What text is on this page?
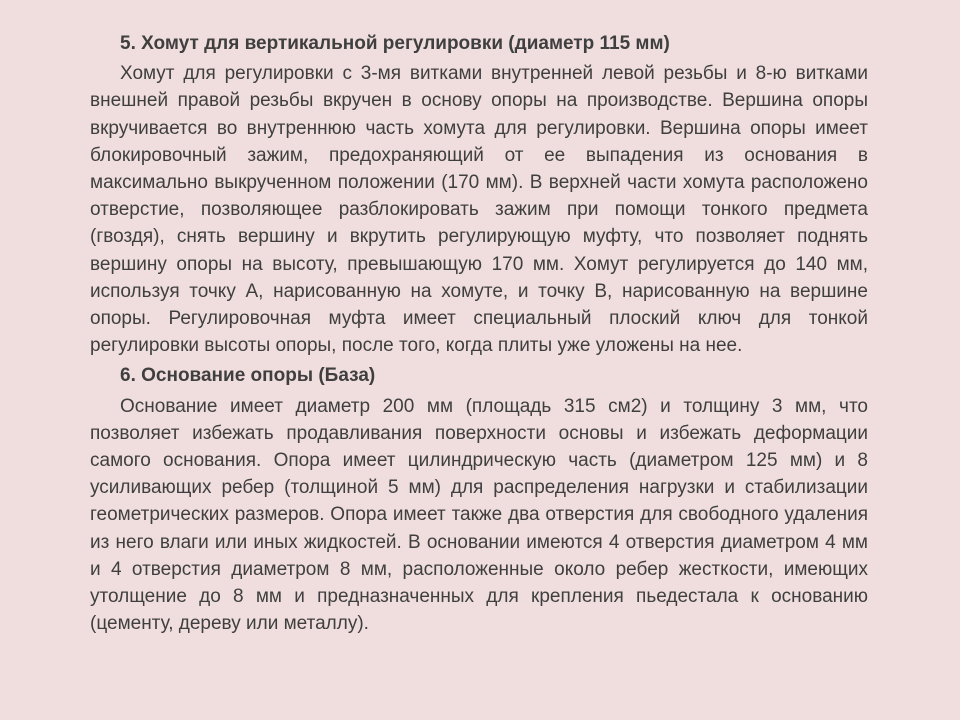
5. Хомут для вертикальной регулировки (диаметр 115 мм)

Хомут для регулировки с 3-мя витками внутренней левой резьбы и 8-ю витками внешней правой резьбы вкручен в основу опоры на производстве. Вершина опоры вкручивается во внутреннюю часть хомута для регулировки. Вершина опоры имеет блокировочный зажим, предохраняющий от ее выпадения из основания в максимально выкрученном положении (170 мм). В верхней части хомута расположено отверстие, позволяющее разблокировать зажим при помощи тонкого предмета (гвоздя), снять вершину и вкрутить регулирующую муфту, что позволяет поднять вершину опоры на высоту, превышающую 170 мм. Хомут регулируется до 140 мм, используя точку А, нарисованную на хомуте, и точку В, нарисованную на вершине опоры. Регулировочная муфта имеет специальный плоский ключ для тонкой регулировки высоты опоры, после того, когда плиты уже уложены на нее.

6. Основание опоры (База)

Основание имеет диаметр 200 мм (площадь 315 см2) и толщину 3 мм, что позволяет избежать продавливания поверхности основы и избежать деформации самого основания. Опора имеет цилиндрическую часть (диаметром 125 мм) и 8 усиливающих ребер (толщиной 5 мм) для распределения нагрузки и стабилизации геометрических размеров. Опора имеет также два отверстия для свободного удаления из него влаги или иных жидкостей. В основании имеются 4 отверстия диаметром 4 мм и 4 отверстия диаметром 8 мм, расположенные около ребер жесткости, имеющих утолщение до 8 мм и предназначенных для крепления пьедестала к основанию (цементу, дереву или металлу).
